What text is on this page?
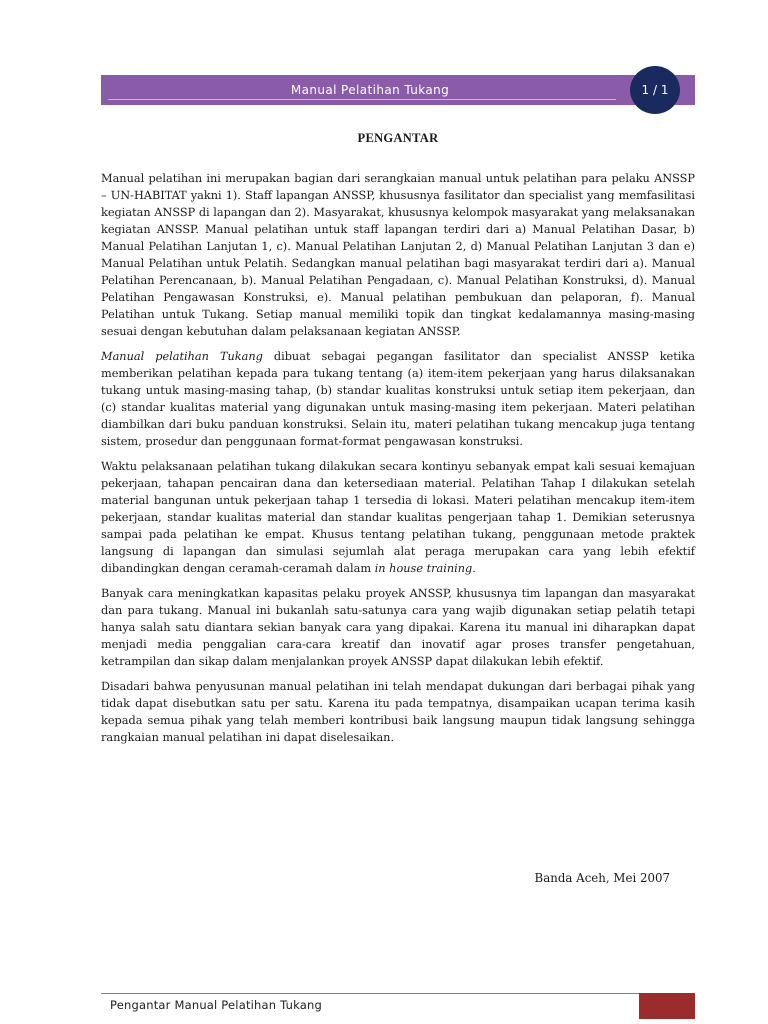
Manual Pelatihan Tukang	1 / 1
PENGANTAR

Manual pelatihan ini merupakan bagian dari serangkaian manual untuk pelatihan para pelaku ANSSP – UN-HABITAT yakni 1). Staff lapangan ANSSP, khususnya fasilitator dan specialist yang memfasilitasi kegiatan ANSSP di lapangan dan 2). Masyarakat, khususnya kelompok masyarakat yang melaksanakan kegiatan ANSSP. Manual pelatihan untuk staff lapangan terdiri dari a) Manual Pelatihan Dasar, b) Manual Pelatihan Lanjutan 1, c). Manual Pelatihan Lanjutan 2, d) Manual Pelatihan Lanjutan 3 dan e) Manual Pelatihan untuk Pelatih. Sedangkan manual pelatihan bagi masyarakat terdiri dari a). Manual Pelatihan Perencanaan, b). Manual Pelatihan Pengadaan, c). Manual Pelatihan Konstruksi, d). Manual Pelatihan Pengawasan Konstruksi, e). Manual pelatihan pembukuan dan pelaporan, f). Manual Pelatihan untuk Tukang. Setiap manual memiliki topik dan tingkat kedalamannya masing-masing sesuai dengan kebutuhan dalam pelaksanaan kegiatan ANSSP.

Manual pelatihan Tukang dibuat sebagai pegangan fasilitator dan specialist ANSSP ketika memberikan pelatihan kepada para tukang tentang (a) item-item pekerjaan yang harus dilaksanakan tukang untuk masing-masing tahap, (b) standar kualitas konstruksi untuk setiap item pekerjaan, dan (c) standar kualitas material yang digunakan untuk masing-masing item pekerjaan. Materi pelatihan diambilkan dari buku panduan konstruksi. Selain itu, materi pelatihan tukang mencakup juga tentang sistem, prosedur dan penggunaan format-format pengawasan konstruksi.

Waktu pelaksanaan pelatihan tukang dilakukan secara kontinyu sebanyak empat kali sesuai kemajuan pekerjaan, tahapan pencairan dana dan ketersediaan material. Pelatihan Tahap I dilakukan setelah material bangunan untuk pekerjaan tahap 1 tersedia di lokasi. Materi pelatihan mencakup item-item pekerjaan, standar kualitas material dan standar kualitas pengerjaan tahap 1. Demikian seterusnya sampai pada pelatihan ke empat. Khusus tentang pelatihan tukang, penggunaan metode praktek langsung di lapangan dan simulasi sejumlah alat peraga merupakan cara yang lebih efektif dibandingkan dengan ceramah-ceramah dalam in house training.

Banyak cara meningkatkan kapasitas pelaku proyek ANSSP, khususnya tim lapangan dan masyarakat dan para tukang. Manual ini bukanlah satu-satunya cara yang wajib digunakan setiap pelatih tetapi hanya salah satu diantara sekian banyak cara yang dipakai. Karena itu manual ini diharapkan dapat menjadi media penggalian cara-cara kreatif dan inovatif agar proses transfer pengetahuan, ketrampilan dan sikap dalam menjalankan proyek ANSSP dapat dilakukan lebih efektif.

Disadari bahwa penyusunan manual pelatihan ini telah mendapat dukungan dari berbagai pihak yang tidak dapat disebutkan satu per satu. Karena itu pada tempatnya, disampaikan ucapan terima kasih kepada semua pihak yang telah memberi kontribusi baik langsung maupun tidak langsung sehingga rangkaian manual pelatihan ini dapat diselesaikan.

Banda Aceh, Mei 2007
Pengantar Manual Pelatihan Tukang
